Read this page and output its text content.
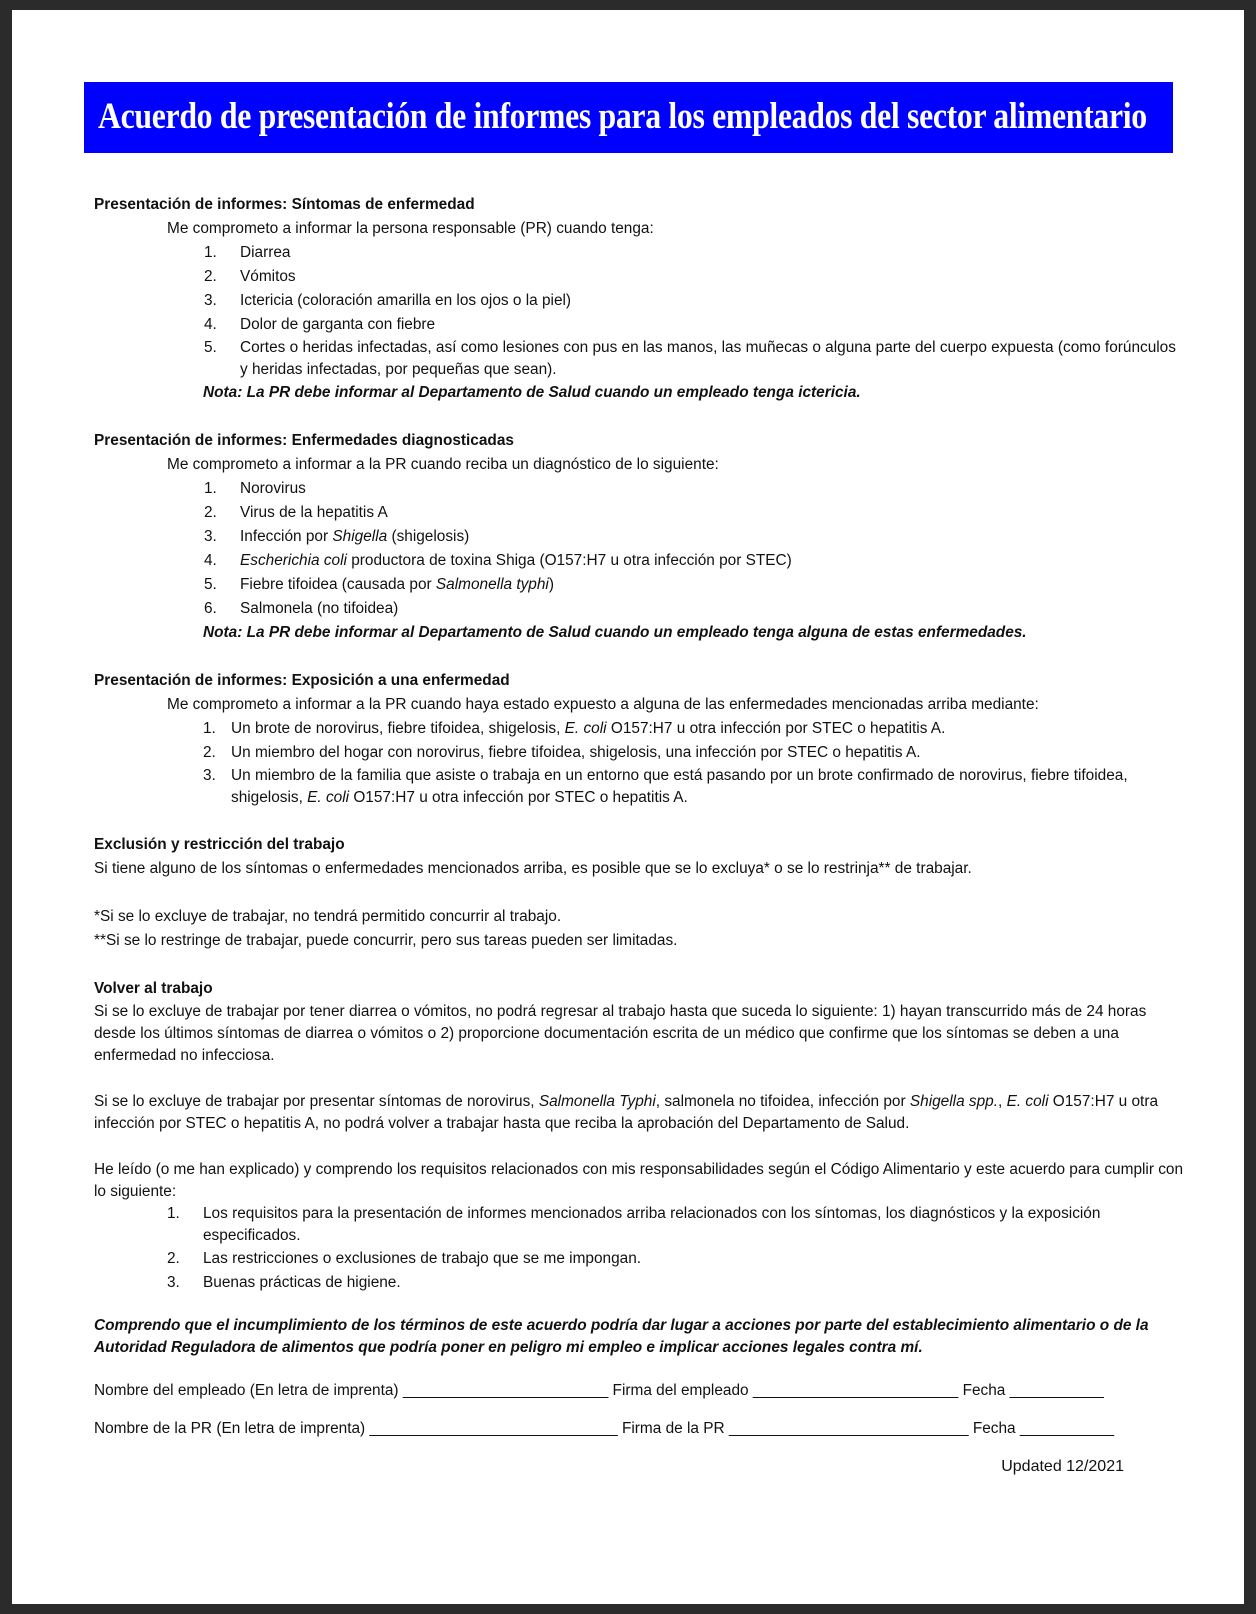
Acuerdo de presentación de informes para los empleados del sector alimentario

Presentación de informes: Síntomas de enfermedad

Me comprometo a informar la persona responsable (PR) cuando tenga:

1. Diarrea
2. Vómitos
3. Ictericia (coloración amarilla en los ojos o la piel)
4. Dolor de garganta con fiebre
5. Cortes o heridas infectadas, así como lesiones con pus en las manos, las muñecas o alguna parte del cuerpo expuesta (como forúnculos y heridas infectadas, por pequeñas que sean).

Nota: La PR debe informar al Departamento de Salud cuando un empleado tenga ictericia.

Presentación de informes: Enfermedades diagnosticadas

Me comprometo a informar a la PR cuando reciba un diagnóstico de lo siguiente:

1. Norovirus
2. Virus de la hepatitis A
3. Infección por Shigella (shigelosis)
4. Escherichia coli productora de toxina Shiga (O157:H7 u otra infección por STEC)
5. Fiebre tifoidea (causada por Salmonella typhi)
6. Salmonela (no tifoidea)

Nota: La PR debe informar al Departamento de Salud cuando un empleado tenga alguna de estas enfermedades.

Presentación de informes: Exposición a una enfermedad

Me comprometo a informar a la PR cuando haya estado expuesto a alguna de las enfermedades mencionadas arriba mediante:

1. Un brote de norovirus, fiebre tifoidea, shigelosis, E. coli O157:H7 u otra infección por STEC o hepatitis A.
2. Un miembro del hogar con norovirus, fiebre tifoidea, shigelosis, una infección por STEC o hepatitis A.
3. Un miembro de la familia que asiste o trabaja en un entorno que está pasando por un brote confirmado de norovirus, fiebre tifoidea, shigelosis, E. coli O157:H7 u otra infección por STEC o hepatitis A.

Exclusión y restricción del trabajo

Si tiene alguno de los síntomas o enfermedades mencionados arriba, es posible que se lo excluya* o se lo restrinja** de trabajar.

*Si se lo excluye de trabajar, no tendrá permitido concurrir al trabajo.

**Si se lo restringe de trabajar, puede concurrir, pero sus tareas pueden ser limitadas.

Volver al trabajo

Si se lo excluye de trabajar por tener diarrea o vómitos, no podrá regresar al trabajo hasta que suceda lo siguiente: 1) hayan transcurrido más de 24 horas desde los últimos síntomas de diarrea o vómitos o 2) proporcione documentación escrita de un médico que confirme que los síntomas se deben a una enfermedad no infecciosa.

Si se lo excluye de trabajar por presentar síntomas de norovirus, Salmonella Typhi, salmonela no tifoidea, infección por Shigella spp., E. coli O157:H7 u otra infección por STEC o hepatitis A, no podrá volver a trabajar hasta que reciba la aprobación del Departamento de Salud.

He leído (o me han explicado) y comprendo los requisitos relacionados con mis responsabilidades según el Código Alimentario y este acuerdo para cumplir con lo siguiente:

1. Los requisitos para la presentación de informes mencionados arriba relacionados con los síntomas, los diagnósticos y la exposición especificados.
2. Las restricciones o exclusiones de trabajo que se me impongan.
3. Buenas prácticas de higiene.

Comprendo que el incumplimiento de los términos de este acuerdo podría dar lugar a acciones por parte del establecimiento alimentario o de la Autoridad Reguladora de alimentos que podría poner en peligro mi empleo e implicar acciones legales contra mí.

Nombre del empleado (En letra de imprenta) ________________________ Firma del empleado ________________________ Fecha ___________

Nombre de la PR (En letra de imprenta) _____________________________ Firma de la PR ____________________________ Fecha ___________

Updated 12/2021
